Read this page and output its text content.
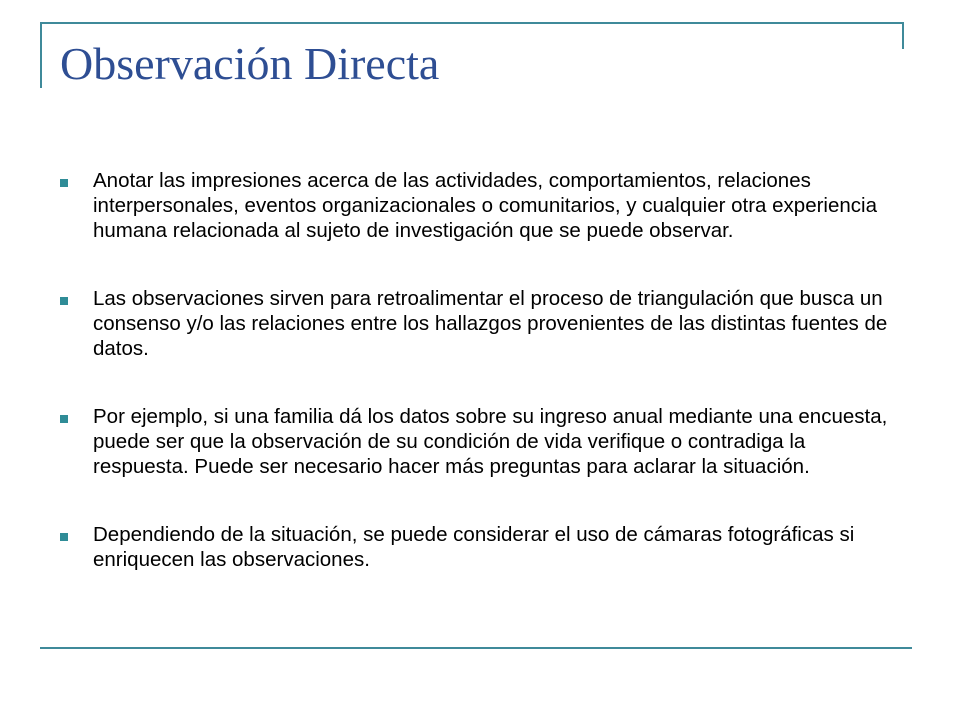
Observación Directa
Anotar las impresiones acerca de las actividades, comportamientos, relaciones interpersonales, eventos organizacionales o comunitarios, y cualquier otra experiencia humana relacionada al sujeto de investigación que se puede observar.
Las observaciones sirven para retroalimentar el proceso de triangulación que busca un consenso y/o las relaciones entre los hallazgos provenientes de las distintas fuentes de datos.
Por ejemplo, si una familia dá los datos sobre su ingreso anual mediante una encuesta, puede ser que la observación de su condición de vida verifique o contradiga la respuesta. Puede ser necesario hacer más preguntas para aclarar la situación.
Dependiendo de la situación, se puede considerar el uso de cámaras fotográficas si enriquecen las observaciones.
